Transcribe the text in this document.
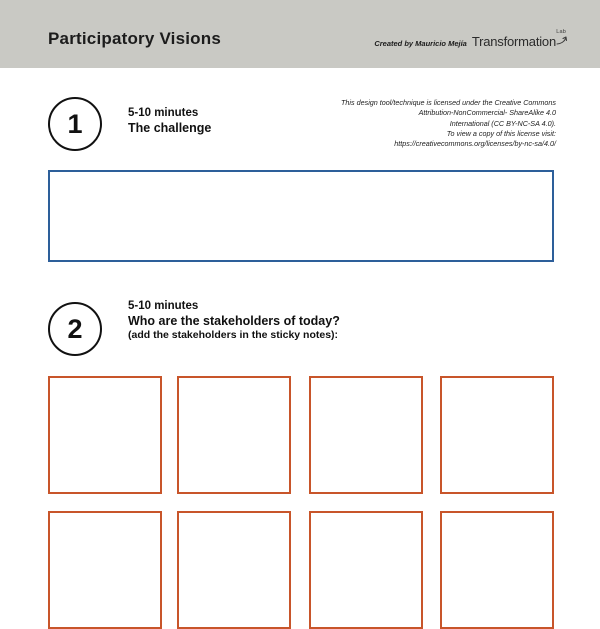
Participatory Visions	Created by Mauricio Mejía Transformation
Lab
This design tool/technique is licensed under the Creative Commons
Attribution-NonCommercial- ShareAlike 4.0
International (CC BY-NC-SA 4.0).
To view a copy of this license visit:
https://creativecommons.org/licenses/by-nc-sa/4.0/
1	5-10 minutes
The challenge
2
5-10 minutes
Who are the stakeholders of today?
(add the stakeholders in the sticky notes):
